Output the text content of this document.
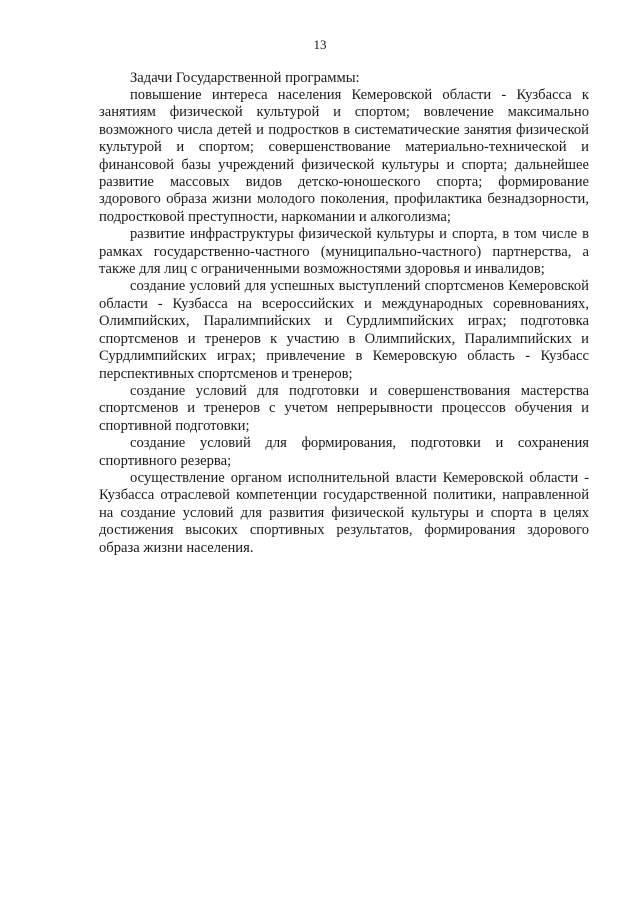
13
Задачи Государственной программы:

повышение интереса населения Кемеровской области - Кузбасса к занятиям физической культурой и спортом; вовлечение максимально возможного числа детей и подростков в систематические занятия физической культурой и спортом; совершенствование материально-технической и финансовой базы учреждений физической культуры и спорта; дальнейшее развитие массовых видов детско-юношеского спорта; формирование здорового образа жизни молодого поколения, профилактика безнадзорности, подростковой преступности, наркомании и алкоголизма;

развитие инфраструктуры физической культуры и спорта, в том числе в рамках государственно-частного (муниципально-частного) партнерства, а также для лиц с ограниченными возможностями здоровья и инвалидов;

создание условий для успешных выступлений спортсменов Кемеровской области - Кузбасса на всероссийских и международных соревнованиях, Олимпийских, Паралимпийских и Сурдлимпийских играх; подготовка спортсменов и тренеров к участию в Олимпийских, Паралимпийских и Сурдлимпийских играх; привлечение в Кемеровскую область - Кузбасс перспективных спортсменов и тренеров;

создание условий для подготовки и совершенствования мастерства спортсменов и тренеров с учетом непрерывности процессов обучения и спортивной подготовки;

создание условий для формирования, подготовки и сохранения спортивного резерва;

осуществление органом исполнительной власти Кемеровской области - Кузбасса отраслевой компетенции государственной политики, направленной на создание условий для развития физической культуры и спорта в целях достижения высоких спортивных результатов, формирования здорового образа жизни населения.
